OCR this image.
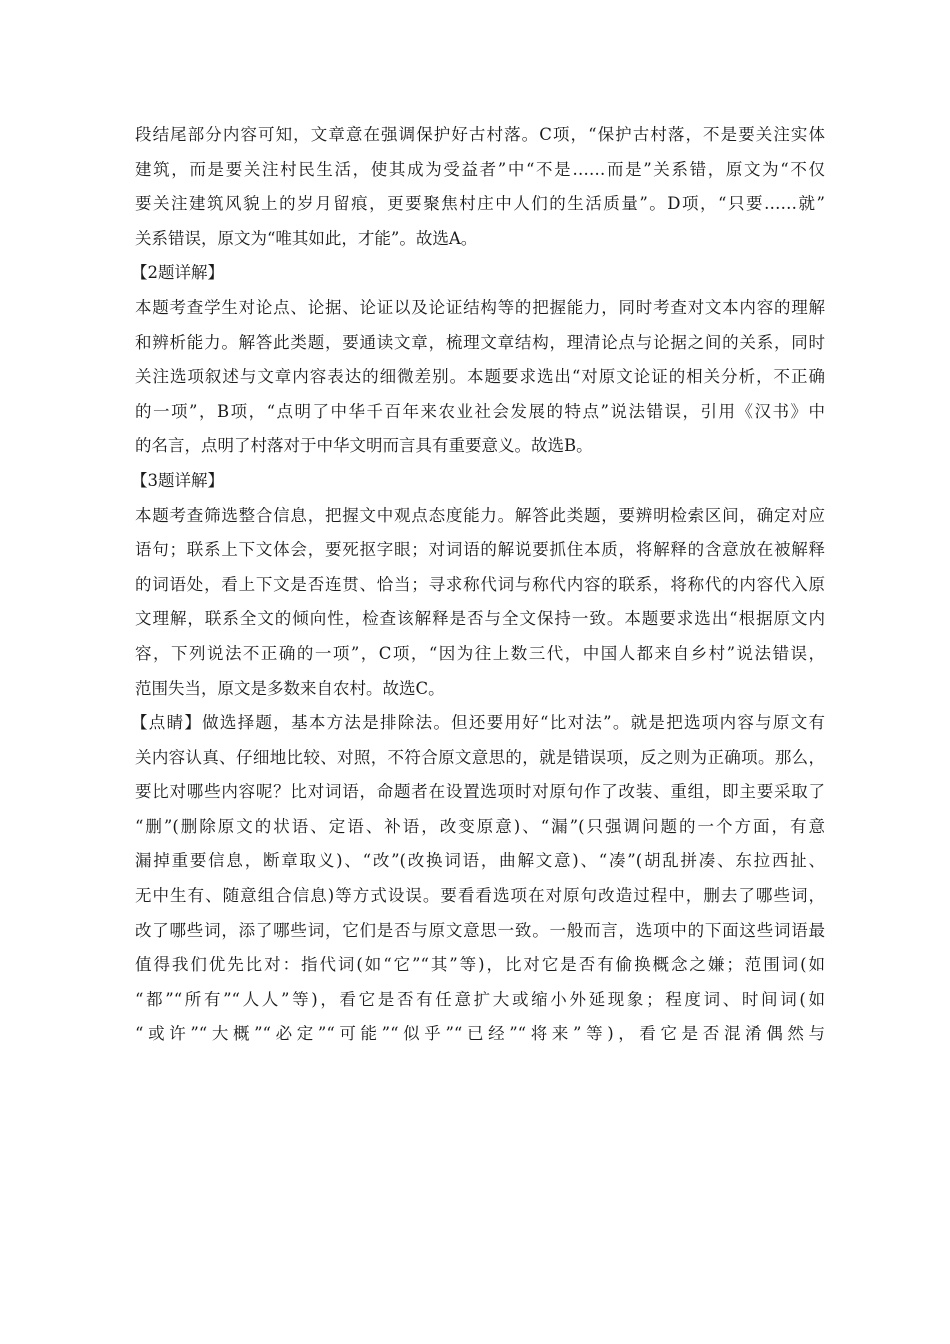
段结尾部分内容可知，文章意在强调保护好古村落。C项，“保护古村落，不是要关注实体
建筑，而是要关注村民生活，使其成为受益者”中“不是……而是”关系错，原文为“不仅
要关注建筑风貌上的岁月留痕，更要聚焦村庄中人们的生活质量”。D项，“只要……就”
关系错误，原文为“唯其如此，才能”。故选A。
【2题详解】
本题考查学生对论点、论据、论证以及论证结构等的把握能力，同时考查对文本内容的理解
和辨析能力。解答此类题，要通读文章，梳理文章结构，理清论点与论据之间的关系，同时
关注选项叙述与文章内容表达的细微差别。本题要求选出“对原文论证的相关分析，不正确
的一项”，B项，“点明了中华千百年来农业社会发展的特点”说法错误，引用《汉书》中
的名言，点明了村落对于中华文明而言具有重要意义。故选B。
【3题详解】
本题考查筛选整合信息，把握文中观点态度能力。解答此类题，要辨明检索区间，确定对应
语句；联系上下文体会，要死抠字眼；对词语的解说要抓住本质，将解释的含意放在被解释
的词语处，看上下文是否连贯、恰当；寻求称代词与称代内容的联系，将称代的内容代入原
文理解，联系全文的倾向性，检查该解释是否与全文保持一致。本题要求选出“根据原文内
容，下列说法不正确的一项”，C项，“因为往上数三代，中国人都来自乡村”说法错误，
范围失当，原文是多数来自农村。故选C。
【点睛】做选择题，基本方法是排除法。但还要用好“比对法”。就是把选项内容与原文有
关内容认真、仔细地比较、对照，不符合原文意思的，就是错误项，反之则为正确项。那么，
要比对哪些内容呢？比对词语，命题者在设置选项时对原句作了改装、重组，即主要采取了
“删”(删除原文的状语、定语、补语，改变原意)、“漏”(只强调问题的一个方面，有意
漏掉重要信息，断章取义)、“改”(改换词语，曲解文意)、“凑”(胡乱拼凑、东拉西扯、
无中生有、随意组合信息)等方式设误。要看看选项在对原句改造过程中，删去了哪些词，
改了哪些词，添了哪些词，它们是否与原文意思一致。一般而言，选项中的下面这些词语最
值得我们优先比对：指代词(如“它”“其”等)，比对它是否有偷换概念之嫌；范围词(如
“都”“所有”“人人”等)，看它是否有任意扩大或缩小外延现象；程度词、时间词(如
“或许”“大概”“必定”“可能”“似乎”“已经”“将来”等)，看它是否混淆偶然与
